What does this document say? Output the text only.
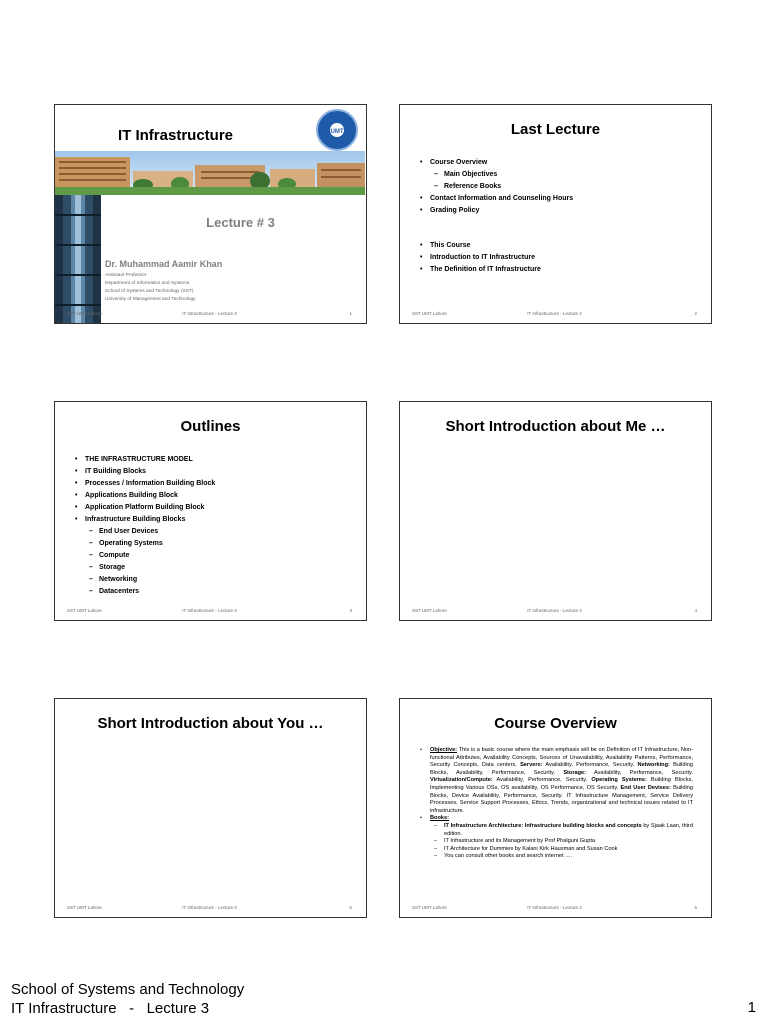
IT Infrastructure	UMT
Lecture # 3
Dr. Muhammad Aamir Khan
Assistant Professor
Department of Informatics and Systems
School of Systems and Technology (SST)
University of Management and Technology
SST UMT Lahore	IT Infrastructure - Lecture 3	1
Last Lecture
• Course Overview
– Main Objectives
– Reference Books
• Contact Information and Counseling Hours
• Grading Policy
• This Course
• Introduction to IT Infrastructure
• The Definition of IT Infrastructure
SST UMT Lahore	IT Infrastructure - Lecture 3	2
Outlines
• THE INFRASTRUCTURE MODEL
• IT Building Blocks
• Processes / Information Building Block
• Applications Building Block
• Application Platform Building Block
• Infrastructure Building Blocks
– End User Devices
– Operating Systems
– Compute
– Storage
– Networking
– Datacenters
SST UMT Lahore	IT Infrastructure - Lecture 3	3
Short Introduction about Me …
SST UMT Lahore	IT Infrastructure - Lecture 3	4
Short Introduction about You …
SST UMT Lahore	IT Infrastructure - Lecture 3	5
Course Overview
• Objective: This is a basic course where the main emphasis will be on Definition of IT Infrastructure, Non-functional Attributes, Availability Concepts, Sources of Unavailability, Availability Patterns, Performance, Security Concepts, Data centers. Servers: Availability, Performance, Security. Networking: Building Blocks, Availability, Performance, Security. Storage: Availability, Performance, Security. Virtualization/Compute: Availability, Performance, Security. Operating Systems: Building Blocks, Implementing Various OSs, OS availability, OS Performance, OS Security. End User Devises: Building Blocks, Device Availability, Performance, Security. IT Infrastructure Management, Service Delivery Processes, Service Support Processes, Ethics, Trends, organizational and technical issues related to IT infrastructure.
• Books:
– IT Infrastructure Architecture: Infrastructure building blocks and concepts by Sjaak Laan, third edition.
– IT Infrastructure and its Management by Prof Phalguni Gupta
– IT Architecture for Dummies by Kalani Kirk Hausman and Susan Cook
– You can consult other books and search internet ….
SST UMT Lahore	IT Infrastructure - Lecture 3	6
School of Systems and Technology
IT Infrastructure   -   Lecture 3	1
